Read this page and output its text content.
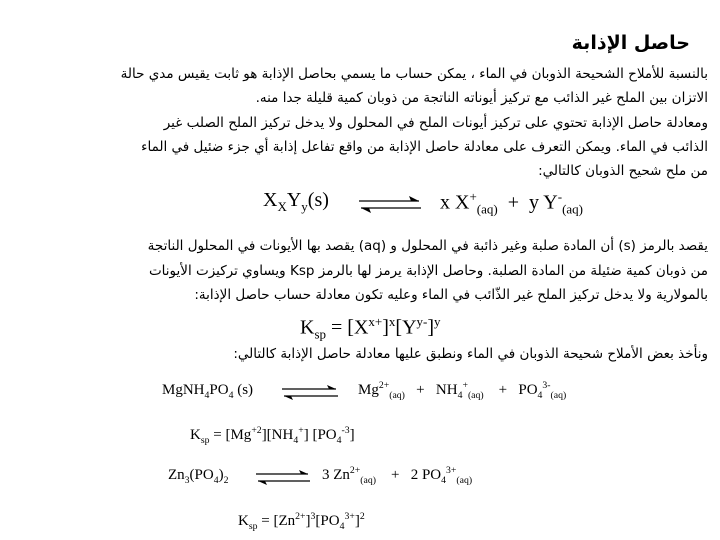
حاصل الإذابة
بالنسبة للأملاح الشحيحة الذوبان في الماء ، يمكن حساب ما يسمي بحاصل الإذابة هو ثابت يقيس مدي حالة
الاتزان بين الملح غير الذائب مع تركيز أيوناته الناتجة من ذوبان كمية قليلة جدا منه.
ومعادلة حاصل الإذابة تحتوي على تركيز أيونات الملح في المحلول ولا يدخل تركيز الملح الصلب غير
الذائب في الماء. ويمكن التعرف على معادلة حاصل الإذابة من واقع تفاعل إذابة أي جزء ضئيل في الماء
من ملح شحيح الذوبان كالتالي:
$X_XY_y(s)$	x $X^+_{(aq)} + y$ $Y^-_{(aq)}$
يقصد بالرمز (s) أن المادة صلبة وغير ذائبة في المحلول و (aq) يقصد بها الأيونات في المحلول الناتجة
من ذوبان كمية ضئيلة من المادة الصلبة. وحاصل الإذابة يرمز لها بالرمز Ksp ويساوي تركيزت الأيونات
بالمولارية ولا يدخل تركيز الملح غير الذّائب في الماء وعليه تكون معادلة حساب حاصل الإذابة:
$K_{sp} = [X^{x+}]^x[Y^{y-}]^y$
ونأخذ بعض الأملاح شحيحة الذوبان في الماء ونطبق عليها معادلة حاصل الإذابة كالتالي:
$MgNH_4PO_4$ (s) ⇌ $Mg^{2+}_{(aq)} + NH_4^+_{(aq)} + PO_4^{3-}_{(aq)}$
$K_{sp} = [Mg^{+2}][NH_4^+]$ $[PO_4^{-3}]$
$Zn_3(PO_4)_2$ ⇌ 3 $Zn^{2+}_{(aq)} + 2$ $PO_4^{3+}_{(aq)}$
$K_{sp} = [Zn^{2+}]^3[PO_4^{3+}]^2$
